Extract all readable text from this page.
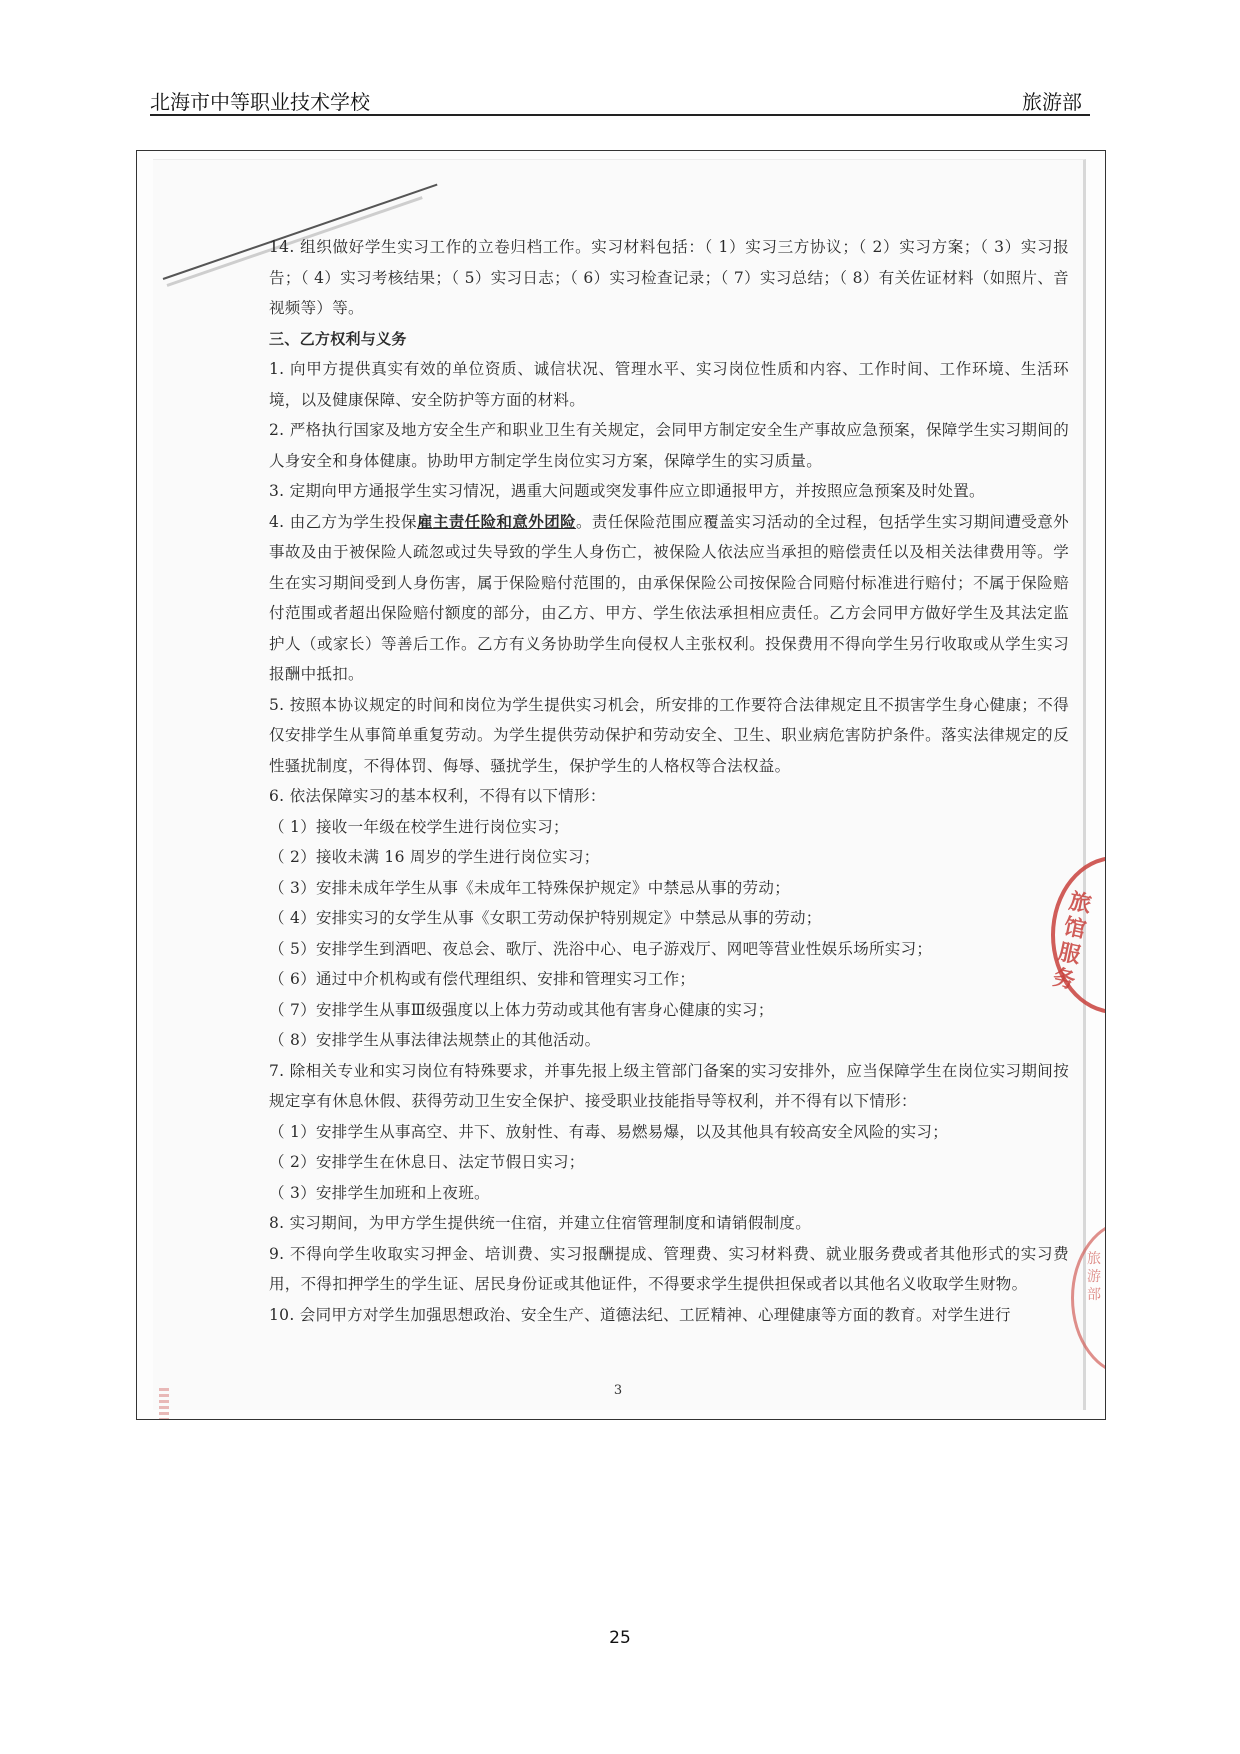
北海市中等职业技术学校	旅游部

14. 组织做好学生实习工作的立卷归档工作。实习材料包括：（ 1）实习三方协议；（ 2）实习方案；（ 3）实习报告；（ 4）实习考核结果；（ 5）实习日志；（ 6）实习检查记录；（ 7）实习总结；（ 8）有关佐证材料（如照片、音视频等）等。

三、乙方权利与义务

1. 向甲方提供真实有效的单位资质、诚信状况、管理水平、实习岗位性质和内容、工作时间、工作环境、生活环境，以及健康保障、安全防护等方面的材料。

2. 严格执行国家及地方安全生产和职业卫生有关规定，会同甲方制定安全生产事故应急预案，保障学生实习期间的人身安全和身体健康。协助甲方制定学生岗位实习方案，保障学生的实习质量。

3. 定期向甲方通报学生实习情况，遇重大问题或突发事件应立即通报甲方，并按照应急预案及时处置。

4. 由乙方为学生投保雇主责任险和意外团险。责任保险范围应覆盖实习活动的全过程，包括学生实习期间遭受意外事故及由于被保险人疏忽或过失导致的学生人身伤亡，被保险人依法应当承担的赔偿责任以及相关法律费用等。学生在实习期间受到人身伤害，属于保险赔付范围的，由承保保险公司按保险合同赔付标准进行赔付；不属于保险赔付范围或者超出保险赔付额度的部分，由乙方、甲方、学生依法承担相应责任。乙方会同甲方做好学生及其法定监护人（或家长）等善后工作。乙方有义务协助学生向侵权人主张权利。投保费用不得向学生另行收取或从学生实习报酬中抵扣。

5. 按照本协议规定的时间和岗位为学生提供实习机会，所安排的工作要符合法律规定且不损害学生身心健康；不得仅安排学生从事简单重复劳动。为学生提供劳动保护和劳动安全、卫生、职业病危害防护条件。落实法律规定的反性骚扰制度，不得体罚、侮辱、骚扰学生，保护学生的人格权等合法权益。

6. 依法保障实习的基本权利，不得有以下情形：

（ 1）接收一年级在校学生进行岗位实习；

（ 2）接收未满 16 周岁的学生进行岗位实习；

（ 3）安排未成年学生从事《未成年工特殊保护规定》中禁忌从事的劳动；

（ 4）安排实习的女学生从事《女职工劳动保护特别规定》中禁忌从事的劳动；

（ 5）安排学生到酒吧、夜总会、歌厅、洗浴中心、电子游戏厅、网吧等营业性娱乐场所实习；

（ 6）通过中介机构或有偿代理组织、安排和管理实习工作；

（ 7）安排学生从事Ⅲ级强度以上体力劳动或其他有害身心健康的实习；

（ 8）安排学生从事法律法规禁止的其他活动。

7. 除相关专业和实习岗位有特殊要求，并事先报上级主管部门备案的实习安排外，应当保障学生在岗位实习期间按规定享有休息休假、获得劳动卫生安全保护、接受职业技能指导等权利，并不得有以下情形：

（ 1）安排学生从事高空、井下、放射性、有毒、易燃易爆，以及其他具有较高安全风险的实习；

（ 2）安排学生在休息日、法定节假日实习；

（ 3）安排学生加班和上夜班。

8. 实习期间，为甲方学生提供统一住宿，并建立住宿管理制度和请销假制度。

9. 不得向学生收取实习押金、培训费、实习报酬提成、管理费、实习材料费、就业服务费或者其他形式的实习费用，不得扣押学生的学生证、居民身份证或其他证件，不得要求学生提供担保或者以其他名义收取学生财物。

10. 会同甲方对学生加强思想政治、安全生产、道德法纪、工匠精神、心理健康等方面的教育。对学生进行

旅馆服务
旅游部
3
25
